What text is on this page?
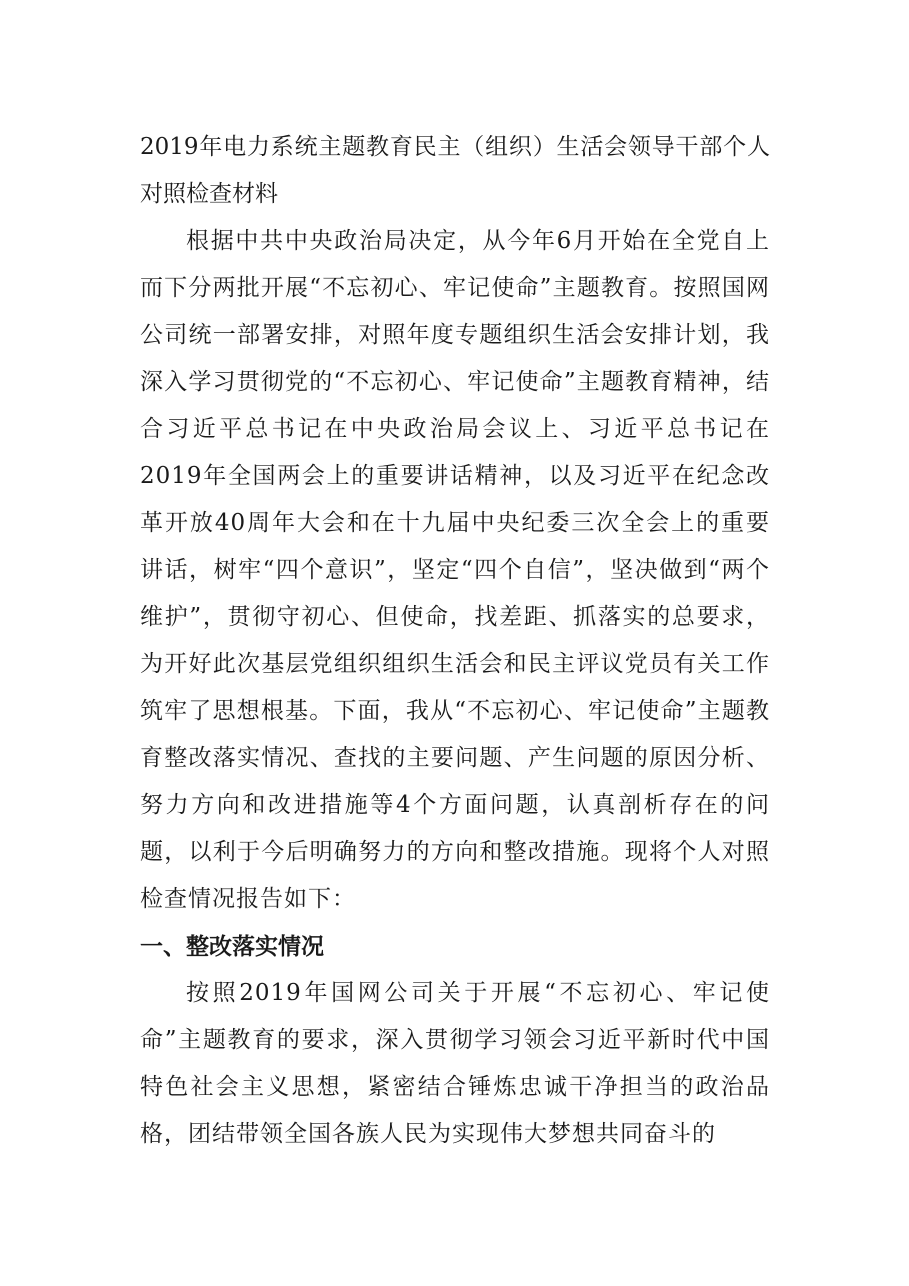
2019年电力系统主题教育民主（组织）生活会领导干部个人对照检查材料

根据中共中央政治局决定，从今年6月开始在全党自上而下分两批开展“不忘初心、牢记使命”主题教育。按照国网公司统一部署安排，对照年度专题组织生活会安排计划，我深入学习贯彻党的“不忘初心、牢记使命”主题教育精神，结合习近平总书记在中央政治局会议上、习近平总书记在2019年全国两会上的重要讲话精神，以及习近平在纪念改革开放40周年大会和在十九届中央纪委三次全会上的重要讲话，树牢“四个意识”，坚定“四个自信”，坚决做到“两个维护”，贯彻守初心、但使命，找差距、抓落实的总要求，为开好此次基层党组织组织生活会和民主评议党员有关工作筑牢了思想根基。下面，我从“不忘初心、牢记使命”主题教育整改落实情况、查找的主要问题、产生问题的原因分析、努力方向和改进措施等4个方面问题，认真剖析存在的问题，以利于今后明确努力的方向和整改措施。现将个人对照检查情况报告如下：

一、整改落实情况

按照2019年国网公司关于开展“不忘初心、牢记使命”主题教育的要求，深入贯彻学习领会习近平新时代中国特色社会主义思想，紧密结合锤炼忠诚干净担当的政治品格，团结带领全国各族人民为实现伟大梦想共同奋斗的
